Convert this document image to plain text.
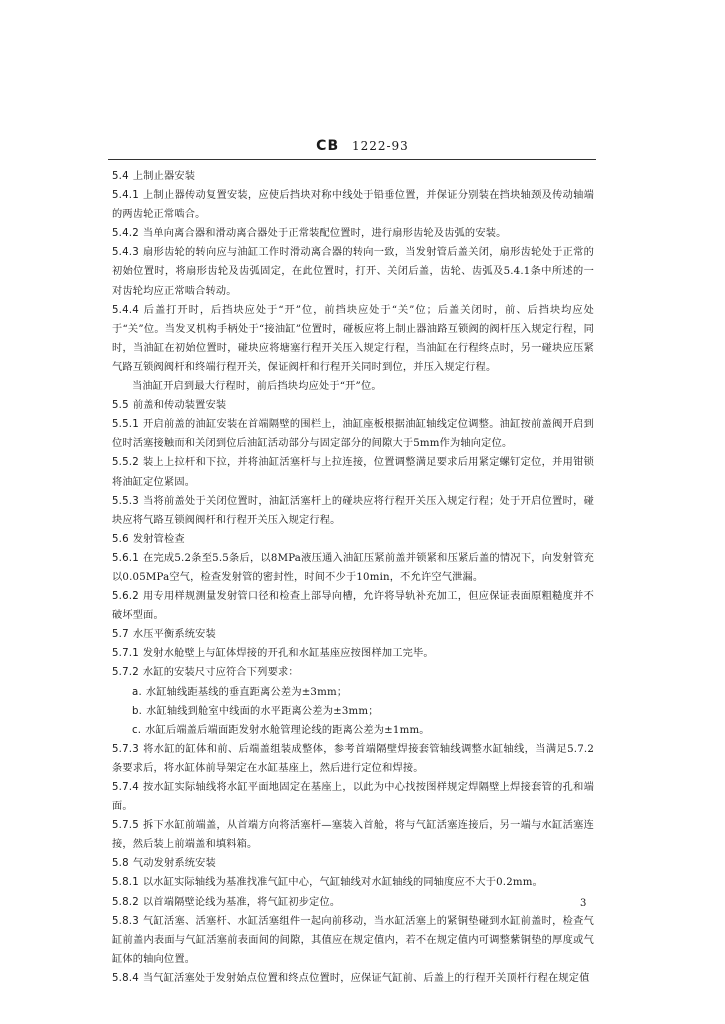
CB 1222-93

5.4 上制止器安装

5.4.1 上制止器传动复置安装，应使后挡块对称中线处于铅垂位置，并保证分别装在挡块轴颈及传动轴端的两齿轮正常啮合。

5.4.2 当单向离合器和滑动离合器处于正常装配位置时，进行扇形齿轮及齿弧的安装。

5.4.3 扇形齿轮的转向应与油缸工作时滑动离合器的转向一致，当发射管后盖关闭，扇形齿轮处于正常的初始位置时，将扇形齿轮及齿弧固定，在此位置时，打开、关闭后盖，齿轮、齿弧及5.4.1条中所述的一对齿轮均应正常啮合转动。

5.4.4 后盖打开时，后挡块应处于“开”位，前挡块应处于“关”位；后盖关闭时，前、后挡块均应处于“关”位。当发叉机构手柄处于“接油缸”位置时，碰板应将上制止器油路互锁阀的阀杆压入规定行程，同时，当油缸在初始位置时，碰块应将塘塞行程开关压入规定行程，当油缸在行程终点时，另一碰块应压紧气路互锁阀阀杆和终端行程开关，保证阀杆和行程开关同时到位，并压入规定行程。

当油缸开启到最大行程时，前后挡块均应处于“开”位。

5.5 前盖和传动装置安装

5.5.1 开启前盖的油缸安装在首端隔壁的围栏上，油缸座板根据油缸轴线定位调整。油缸按前盖阀开启到位时活塞接触而和关闭到位后油缸活动部分与固定部分的间隙大于5mm作为轴向定位。

5.5.2 装上上拉杆和下拉，并将油缸活塞杆与上拉连接，位置调整满足要求后用紧定螺钉定位，并用钳锁将油缸定位紧固。

5.5.3 当将前盖处于关闭位置时，油缸活塞杆上的碰块应将行程开关压入规定行程；处于开启位置时，碰块应将气路互锁阀阀杆和行程开关压入规定行程。

5.6 发射管检查

5.6.1 在完成5.2条至5.5条后，以8MPa液压通入油缸压紧前盖并锁紧和压紧后盖的情况下，向发射管充以0.05MPa空气，检查发射管的密封性，时间不少于10min，不允许空气泄漏。

5.6.2 用专用样规测量发射管口径和检查上部导向槽，允许将导轨补充加工，但应保证表面原粗糙度并不破坏型面。

5.7 水压平衡系统安装

5.7.1 发射水舱壁上与缸体焊接的开孔和水缸基座应按图样加工完毕。

5.7.2 水缸的安装尺寸应符合下列要求：

a. 水缸轴线距基线的垂直距离公差为±3mm；

b. 水缸轴线到舱室中线面的水平距离公差为±3mm；

c. 水缸后端盖后端面距发射水舱管理论线的距离公差为±1mm。

5.7.3 将水缸的缸体和前、后端盖组装成整体，参考首端隔壁焊接套管轴线调整水缸轴线，当满足5.7.2条要求后，将水缸体前导架定在水缸基座上，然后进行定位和焊接。

5.7.4 按水缸实际轴线将水缸平面地固定在基座上，以此为中心找按图样规定焊隔壁上焊接套管的孔和端面。

5.7.5 拆下水缸前端盖，从首端方向将活塞杆—塞装入首舱，将与气缸活塞连接后，另一端与水缸活塞连接，然后装上前端盖和填料箱。

5.8 气动发射系统安装

5.8.1 以水缸实际轴线为基准找准气缸中心，气缸轴线对水缸轴线的同轴度应不大于0.2mm。

5.8.2 以首端隔壁论线为基准，将气缸初步定位。

5.8.3 气缸活塞、活塞杆、水缸活塞组件一起向前移动，当水缸活塞上的紧铜垫碰到水缸前盖时，检查气缸前盖内表面与气缸活塞前表面间的间隙，其值应在规定值内，若不在规定值内可调整紫铜垫的厚度或气缸体的轴向位置。

5.8.4 当气缸活塞处于发射始点位置和终点位置时，应保证气缸前、后盖上的行程开关顶杆行程在规定值

3
